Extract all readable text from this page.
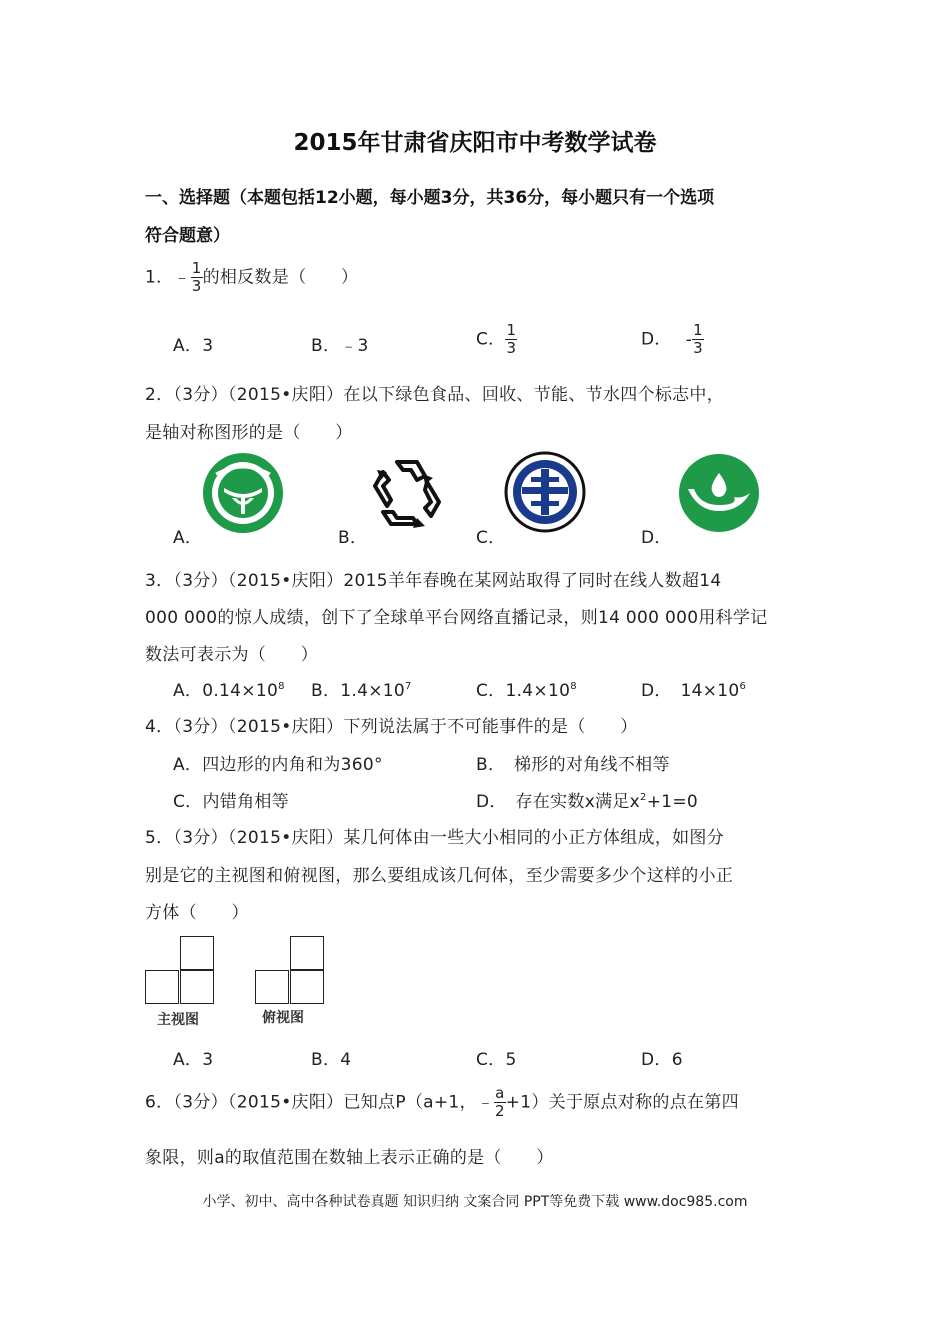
2015年甘肃省庆阳市中考数学试卷
一、选择题（本题包括12小题，每小题3分，共36分，每小题只有一个选项
符合题意）
1．﹣ $\frac{1}{3}$ 的相反数是（　　）
A．3	B．﹣3	C． $\frac{1}{3}$	D． - $\frac{1}{3}$
2．（3分）（2015•庆阳）在以下绿色食品、回收、节能、节水四个标志中，
是轴对称图形的是（　　）
A．	B．	C．	D．
3．（3分）（2015•庆阳）2015羊年春晚在某网站取得了同时在线人数超14
000 000的惊人成绩，创下了全球单平台网络直播记录，则14 000 000用科学记
数法可表示为（　　）
A．$0.14\times 10^8$ B．$1.4\times 10^7$	C．$1.4\times 10^8$	D．　$14\times 10^6$
4．（3分）（2015•庆阳）下列说法属于不可能事件的是（　　）
A．四边形的内角和为360°	B．　梯形的对角线不相等
C．内错角相等	D．　存在实数x满足$x^2+1=0$
5．（3分）（2015•庆阳）某几何体由一些大小相同的小正方体组成，如图分
别是它的主视图和俯视图，那么要组成该几何体，至少需要多少个这样的小正
方体（　　）
主视图	俯视图
A．3	B．4	C．5	D．6
6．（3分）（2015•庆阳）已知点P（a+1，﹣ $\frac{a}{2} +1$）关于原点对称的点在第四
象限，则a的取值范围在数轴上表示正确的是（　　）
小学、初中、高中各种试卷真题 知识归纳 文案合同 PPT等免费下载 www.doc985.com
